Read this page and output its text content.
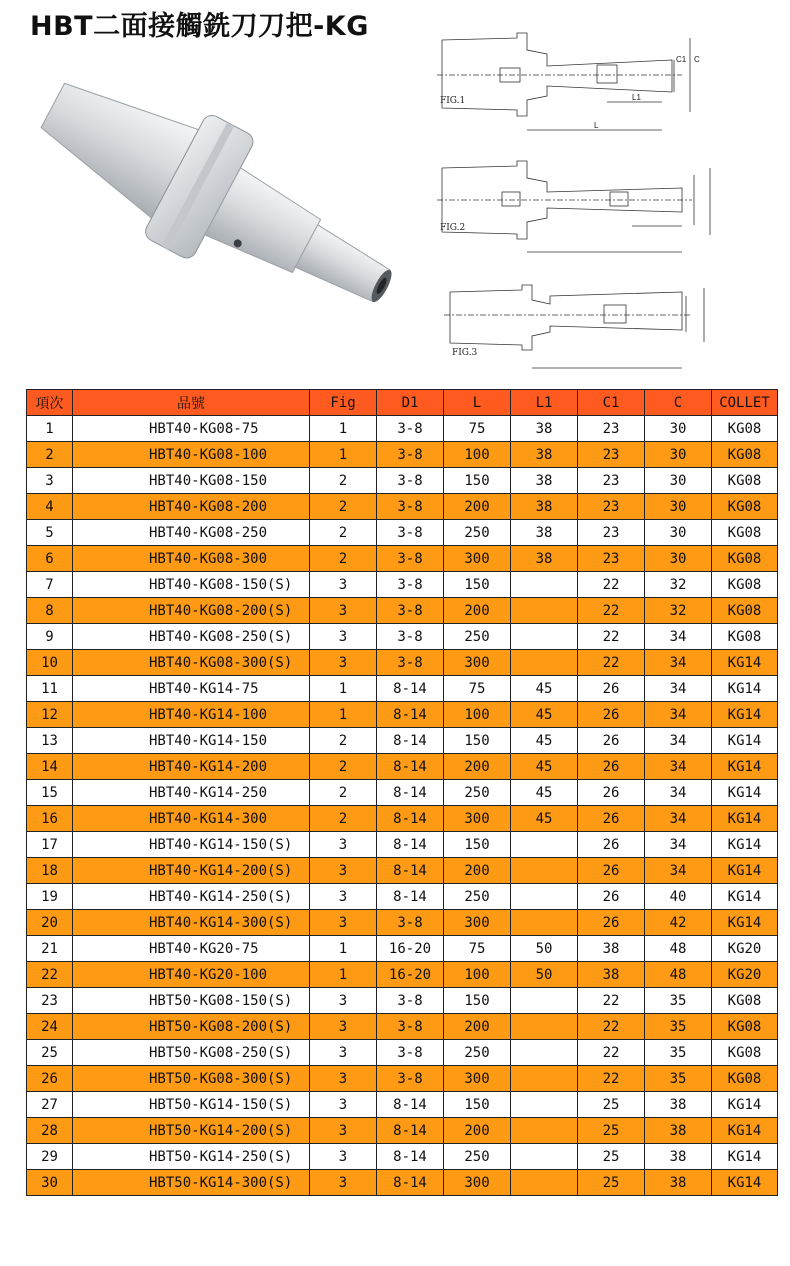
HBT二面接觸銑刀刀把-KG
FIG.1
FIG.2
FIG.3
C1 C
L1
L
項次	品號	Fig	D1	L	L1	C1	C	COLLET
1	HBT40-KG08-75	1	3-8	75	38	23	30	KG08
2	HBT40-KG08-100	1	3-8	100	38	23	30	KG08
3	HBT40-KG08-150	2	3-8	150	38	23	30	KG08
4	HBT40-KG08-200	2	3-8	200	38	23	30	KG08
5	HBT40-KG08-250	2	3-8	250	38	23	30	KG08
6	HBT40-KG08-300	2	3-8	300	38	23	30	KG08
7	HBT40-KG08-150(S)	3	3-8	150		22	32	KG08
8	HBT40-KG08-200(S)	3	3-8	200		22	32	KG08
9	HBT40-KG08-250(S)	3	3-8	250		22	34	KG08
10	HBT40-KG08-300(S)	3	3-8	300		22	34	KG14
11	HBT40-KG14-75	1	8-14	75	45	26	34	KG14
12	HBT40-KG14-100	1	8-14	100	45	26	34	KG14
13	HBT40-KG14-150	2	8-14	150	45	26	34	KG14
14	HBT40-KG14-200	2	8-14	200	45	26	34	KG14
15	HBT40-KG14-250	2	8-14	250	45	26	34	KG14
16	HBT40-KG14-300	2	8-14	300	45	26	34	KG14
17	HBT40-KG14-150(S)	3	8-14	150		26	34	KG14
18	HBT40-KG14-200(S)	3	8-14	200		26	34	KG14
19	HBT40-KG14-250(S)	3	8-14	250		26	40	KG14
20	HBT40-KG14-300(S)	3	3-8	300		26	42	KG14
21	HBT40-KG20-75	1	16-20	75	50	38	48	KG20
22	HBT40-KG20-100	1	16-20	100	50	38	48	KG20
23	HBT50-KG08-150(S)	3	3-8	150		22	35	KG08
24	HBT50-KG08-200(S)	3	3-8	200		22	35	KG08
25	HBT50-KG08-250(S)	3	3-8	250		22	35	KG08
26	HBT50-KG08-300(S)	3	3-8	300		22	35	KG08
27	HBT50-KG14-150(S)	3	8-14	150		25	38	KG14
28	HBT50-KG14-200(S)	3	8-14	200		25	38	KG14
29	HBT50-KG14-250(S)	3	8-14	250		25	38	KG14
30	HBT50-KG14-300(S)	3	8-14	300		25	38	KG14
